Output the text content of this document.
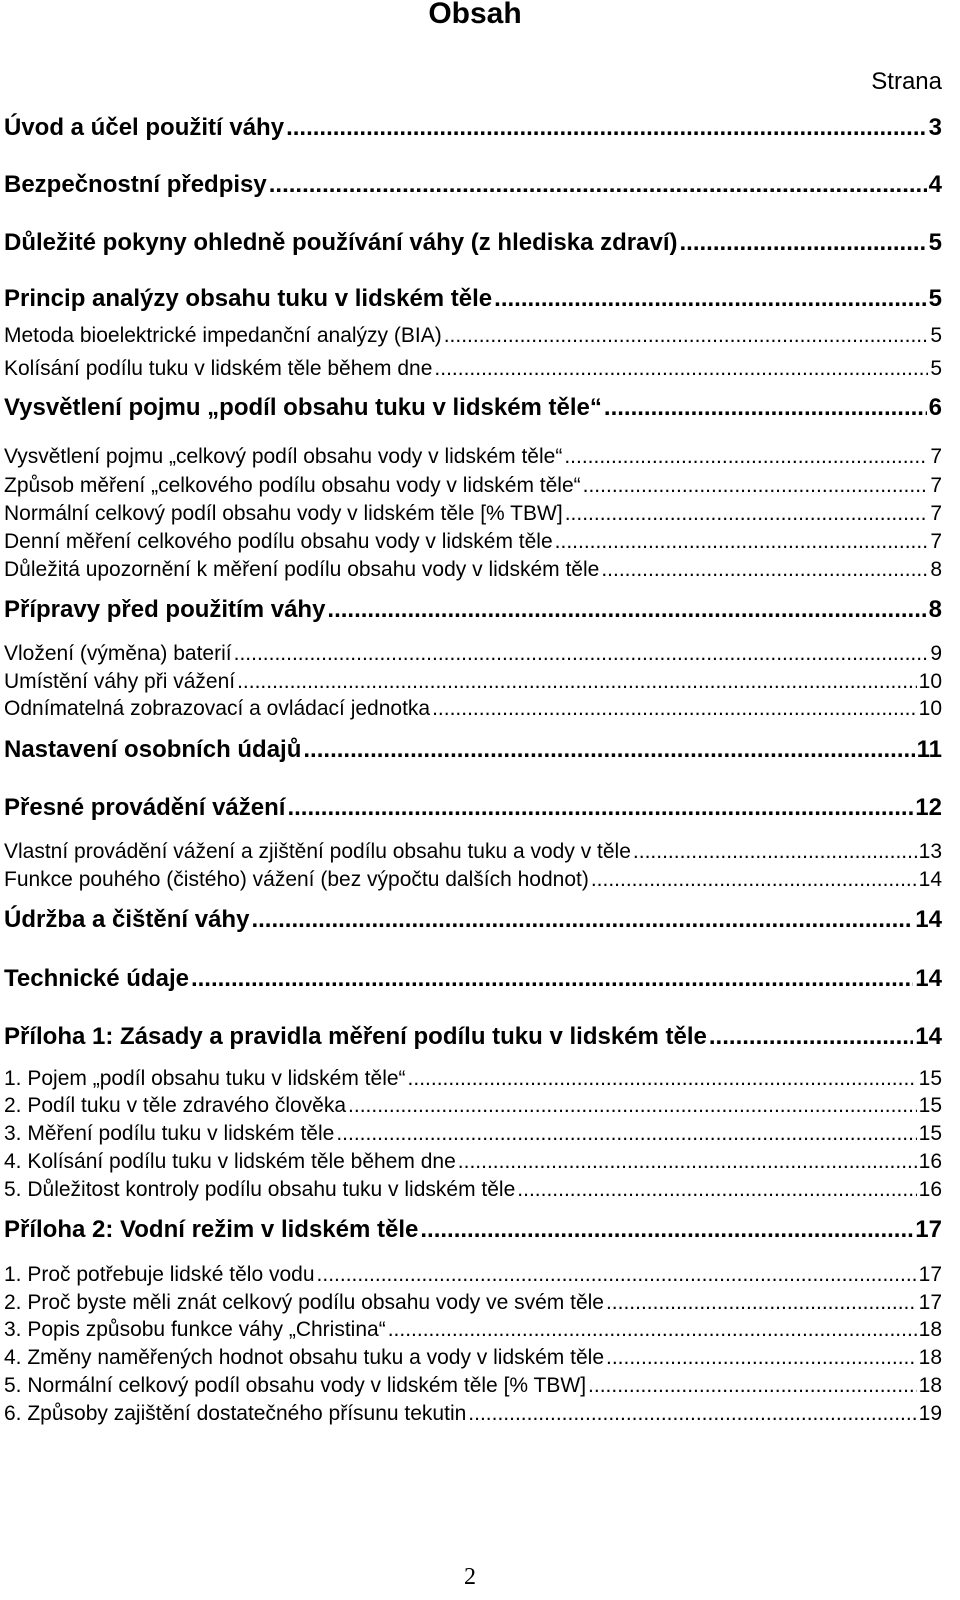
Obsah
Strana
Úvod a účel použití váhy .....	3
Bezpečnostní předpisy .....	4
Důležité pokyny ohledně používání váhy (z hlediska zdraví) .....	5
Princip analýzy obsahu tuku v lidském těle .....	5
Metoda bioelektrické impedanční analýzy (BIA) .....	5
Kolísání podílu tuku v lidském těle během dne .....	5
Vysvětlení pojmu „podíl obsahu tuku v lidském těle“ .....	6
Vysvětlení pojmu „celkový podíl obsahu vody v lidském těle“ .....	7
Způsob měření „celkového podílu obsahu vody v lidském těle“ .....	7
Normální celkový podíl obsahu vody v lidském těle [% TBW] .....	7
Denní měření celkového podílu obsahu vody v lidském těle .....	7
Důležitá upozornění k měření podílu obsahu vody v lidském těle .....	8
Přípravy před použitím váhy .....	8
Vložení (výměna) baterií .....	9
Umístění váhy při vážení .....	10
Odnímatelná zobrazovací a ovládací jednotka .....	10
Nastavení osobních údajů .....	11
Přesné provádění vážení .....	12
Vlastní provádění vážení a zjištění podílu obsahu tuku a vody v těle .....	13
Funkce pouhého (čistého) vážení (bez výpočtu dalších hodnot) .....	14
Údržba a čištění váhy .....	14
Technické údaje .....	14
Příloha 1: Zásady a pravidla měření podílu tuku v lidském těle .....	14
1. Pojem „podíl obsahu tuku v lidském těle“ .....	15
2. Podíl tuku v těle zdravého člověka .....	15
3. Měření podílu tuku v lidském těle .....	15
4. Kolísání podílu tuku v lidském těle během dne .....	16
5. Důležitost kontroly podílu obsahu tuku v lidském těle .....	16
Příloha 2: Vodní režim v lidském těle .....	17
1. Proč potřebuje lidské tělo vodu .....	17
2. Proč byste měli znát celkový podílu obsahu vody ve svém těle .....	17
3. Popis způsobu funkce váhy „Christina“ .....	18
4. Změny naměřených hodnot obsahu tuku a vody v lidském těle .....	18
5. Normální celkový podíl obsahu vody v lidském těle [% TBW] .....	18
6. Způsoby zajištění dostatečného přísunu tekutin .....	19
2
